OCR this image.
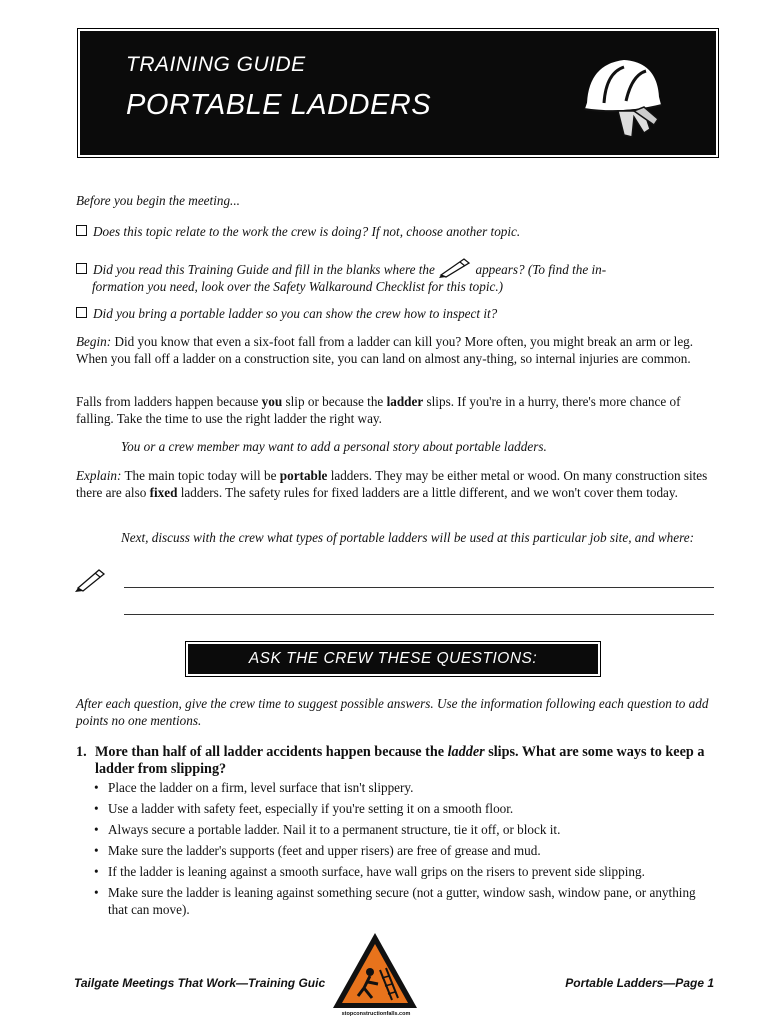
TRAINING GUIDE
PORTABLE LADDERS
Before you begin the meeting...
Does this topic relate to the work the crew is doing? If not, choose another topic.
Did you read this Training Guide and fill in the blanks where the	appears? (To find the in-
formation you need, look over the Safety Walkaround Checklist for this topic.)
Did you bring a portable ladder so you can show the crew how to inspect it?
Begin: Did you know that even a six-foot fall from a ladder can kill you? More often, you might break an arm or leg. When you fall off a ladder on a construction site, you can land on almost any-thing, so internal injuries are common.
Falls from ladders happen because you slip or because the ladder slips. If you're in a hurry, there's more chance of falling. Take the time to use the right ladder the right way.
You or a crew member may want to add a personal story about portable ladders.
Explain: The main topic today will be portable ladders. They may be either metal or wood. On many construction sites there are also fixed ladders. The safety rules for fixed ladders are a little different, and we won't cover them today.
Next, discuss with the crew what types of portable ladders will be used at this particular job site, and where:
ASK THE CREW THESE QUESTIONS:
After each question, give the crew time to suggest possible answers. Use the information following each question to add points no one mentions.
1. More than half of all ladder accidents happen because the ladder slips. What are some ways to keep a ladder from slipping?
• Place the ladder on a firm, level surface that isn't slippery.
• Use a ladder with safety feet, especially if you're setting it on a smooth floor.
• Always secure a portable ladder. Nail it to a permanent structure, tie it off, or block it.
• Make sure the ladder's supports (feet and upper risers) are free of grease and mud.
• If the ladder is leaning against a smooth surface, have wall grips on the risers to prevent side slipping.
• Make sure the ladder is leaning against something secure (not a gutter, window sash, window pane, or anything that can move).
Tailgate Meetings That Work—Training Guic
stopconstructionfalls.com
Portable Ladders—Page 1
